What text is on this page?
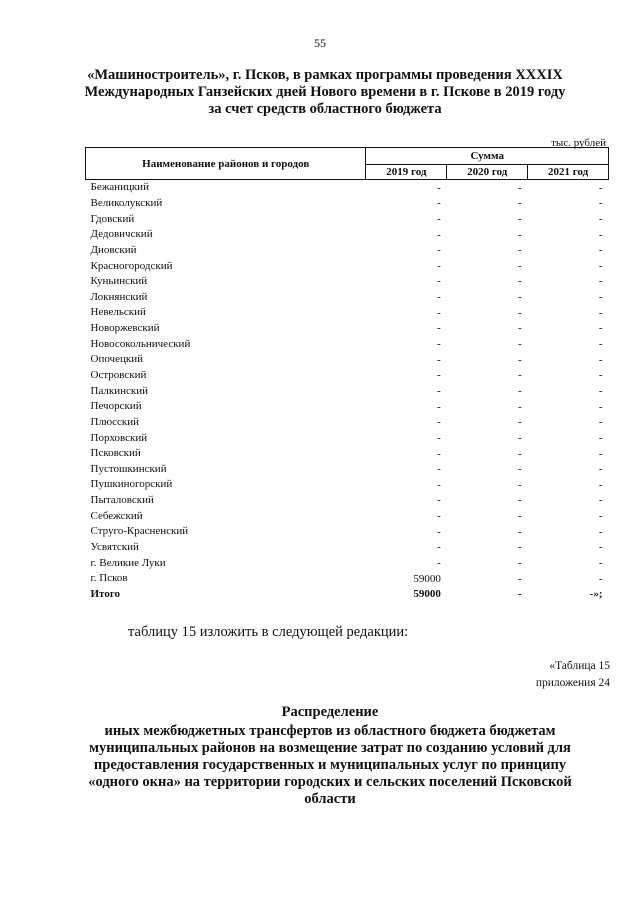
55
«Машиностроитель», г. Псков, в рамках программы проведения XXXIX
Международных Ганзейских дней Нового времени в г. Пскове в 2019 году
за счет средств областного бюджета
тыс. рублей
Наименование районов и городов	Сумма		
	2019 год	2020 год	2021 год
Бежаницкий	-	-	-
Великолукский	-	-	-
Гдовский	-	-	-
Дедовичский	-	-	-
Дновский	-	-	-
Красногородский	-	-	-
Куньинский	-	-	-
Локнянский	-	-	-
Невельский	-	-	-
Новоржевский	-	-	-
Новосокольнический	-	-	-
Опочецкий	-	-	-
Островский	-	-	-
Палкинский	-	-	-
Печорский	-	-	-
Плюсский	-	-	-
Порховский	-	-	-
Псковский	-	-	-
Пустошкинский	-	-	-
Пушкиногорский	-	-	-
Пыталовский	-	-	-
Себежский	-	-	-
Струго-Красненский	-	-	-
Усвятский	-	-	-
г. Великие Луки	-	-	-
г. Псков	59000	-	-
Итого	59000	-	-»;
таблицу 15 изложить в следующей редакции:
«Таблица 15
приложения 24
Распределение
иных межбюджетных трансфертов из областного бюджета бюджетам
муниципальных районов на возмещение затрат по созданию условий для
предоставления государственных и муниципальных услуг по принципу
«одного окна» на территории городских и сельских поселений Псковской
области
